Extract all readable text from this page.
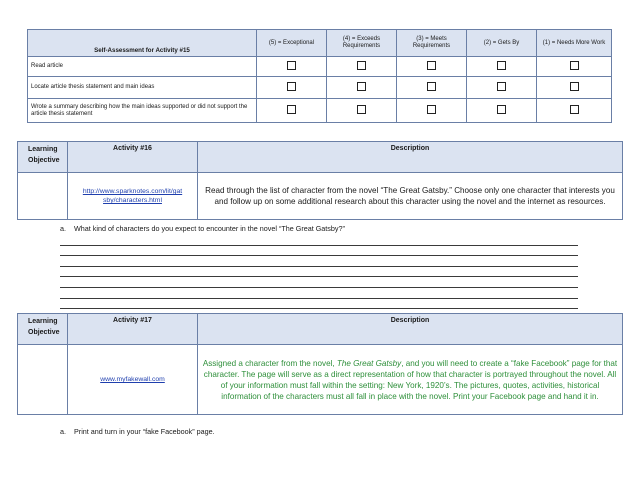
Self-Assessment for Activity #15	(5) = Exceptional	(4) = Exceeds Requirements	(3) = Meets Requirements	(2) = Gets By	(1) = Needs More Work
Read article					
Locate article thesis statement and main ideas					
Wrote a summary describing how the main ideas supported or did not support the article thesis statement					
Learning Objective	Activity #16	Description
	http://www.sparknotes.com/lit/gatsby/characters.html	Read through the list of character from the novel “The Great Gatsby.” Choose only one character that interests you and follow up on some additional research about this character using the novel and the internet as resources.
a.	What kind of characters do you expect to encounter in the novel “The Great Gatsby?”
Learning Objective	Activity #17	Description
	www.myfakewall.com	Assigned a character from the novel, The Great Gatsby, and you will need to create a “fake Facebook” page for that character. The page will serve as a direct representation of how that character is portrayed throughout the novel. All of your information must fall within the setting: New York, 1920’s. The pictures, quotes, activities, historical information of the characters must all fall in place with the novel. Print your Facebook page and hand it in.
a.	Print and turn in your “fake Facebook” page.
